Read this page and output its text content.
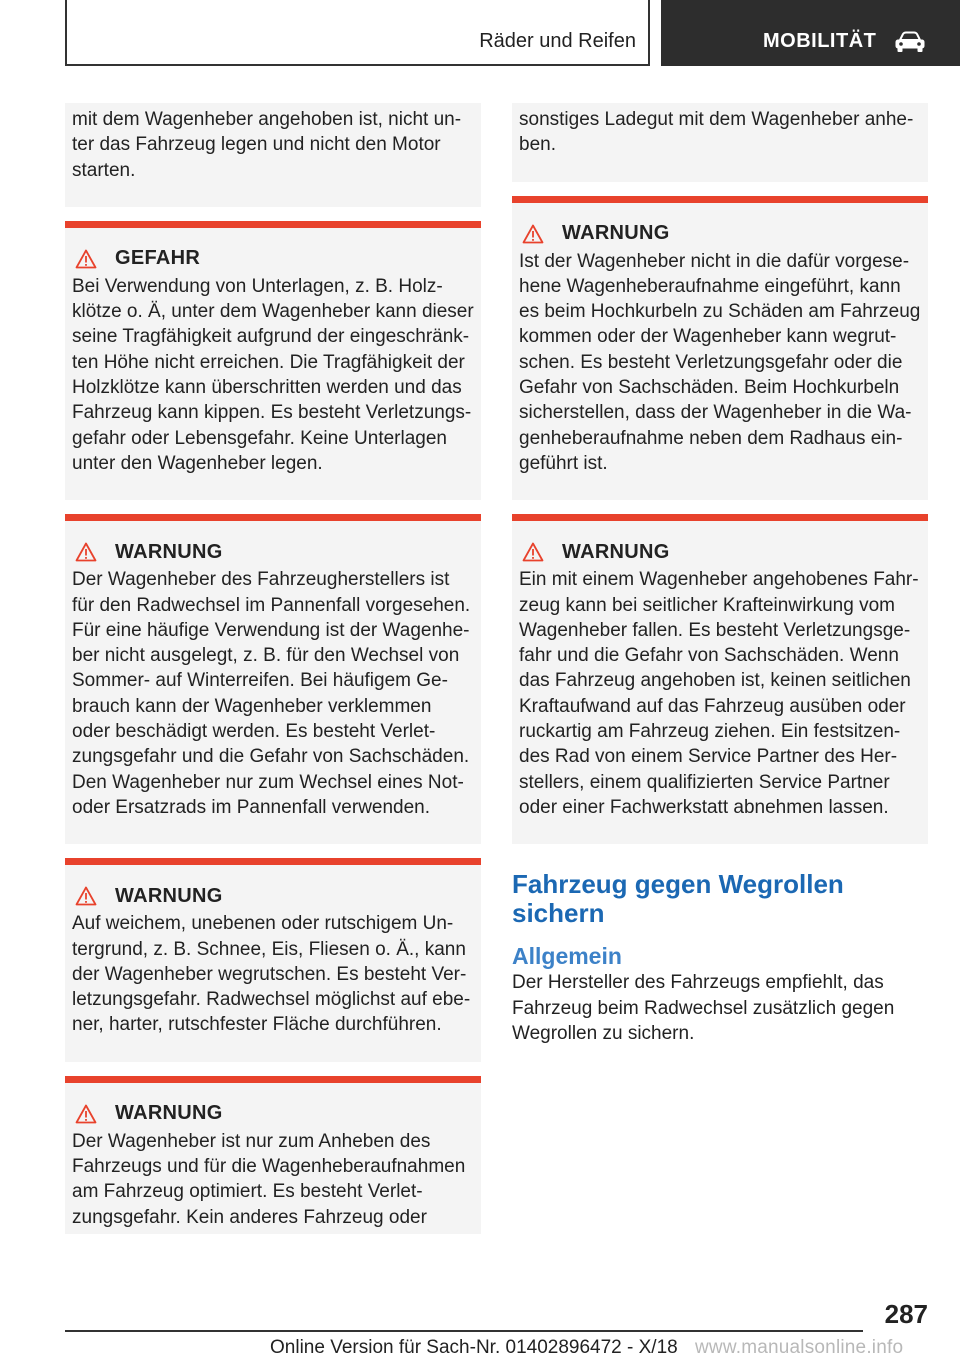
Räder und Reifen	MOBILITÄT
mit dem Wagenheber angehoben ist, nicht un-
ter das Fahrzeug legen und nicht den Motor
starten.
GEFAHR
Bei Verwendung von Unterlagen, z. B. Holz-
klötze o. Ä, unter dem Wagenheber kann dieser
seine Tragfähigkeit aufgrund der eingeschränk-
ten Höhe nicht erreichen. Die Tragfähigkeit der
Holzklötze kann überschritten werden und das
Fahrzeug kann kippen. Es besteht Verletzungs-
gefahr oder Lebensgefahr. Keine Unterlagen
unter den Wagenheber legen.
WARNUNG
Der Wagenheber des Fahrzeugherstellers ist
für den Radwechsel im Pannenfall vorgesehen.
Für eine häufige Verwendung ist der Wagenhe-
ber nicht ausgelegt, z. B. für den Wechsel von
Sommer- auf Winterreifen. Bei häufigem Ge-
brauch kann der Wagenheber verklemmen
oder beschädigt werden. Es besteht Verlet-
zungsgefahr und die Gefahr von Sachschäden.
Den Wagenheber nur zum Wechsel eines Not-
oder Ersatzrads im Pannenfall verwenden.
WARNUNG
Auf weichem, unebenen oder rutschigem Un-
tergrund, z. B. Schnee, Eis, Fliesen o. Ä., kann
der Wagenheber wegrutschen. Es besteht Ver-
letzungsgefahr. Radwechsel möglichst auf ebe-
ner, harter, rutschfester Fläche durchführen.
WARNUNG
Der Wagenheber ist nur zum Anheben des
Fahrzeugs und für die Wagenheberaufnahmen
am Fahrzeug optimiert. Es besteht Verlet-
zungsgefahr. Kein anderes Fahrzeug oder
sonstiges Ladegut mit dem Wagenheber anhe-
ben.
WARNUNG
Ist der Wagenheber nicht in die dafür vorgese-
hene Wagenheberaufnahme eingeführt, kann
es beim Hochkurbeln zu Schäden am Fahrzeug
kommen oder der Wagenheber kann wegrut-
schen. Es besteht Verletzungsgefahr oder die
Gefahr von Sachschäden. Beim Hochkurbeln
sicherstellen, dass der Wagenheber in die Wa-
genheberaufnahme neben dem Radhaus ein-
geführt ist.
WARNUNG
Ein mit einem Wagenheber angehobenes Fahr-
zeug kann bei seitlicher Krafteinwirkung vom
Wagenheber fallen. Es besteht Verletzungsge-
fahr und die Gefahr von Sachschäden. Wenn
das Fahrzeug angehoben ist, keinen seitlichen
Kraftaufwand auf das Fahrzeug ausüben oder
ruckartig am Fahrzeug ziehen. Ein festsitzen-
des Rad von einem Service Partner des Her-
stellers, einem qualifizierten Service Partner
oder einer Fachwerkstatt abnehmen lassen.
Fahrzeug gegen Wegrollen
sichern
Allgemein
Der Hersteller des Fahrzeugs empfiehlt, das
Fahrzeug beim Radwechsel zusätzlich gegen
Wegrollen zu sichern.
287
Online Version für Sach-Nr. 01402896472 - X/18 www.manualsonline.info
